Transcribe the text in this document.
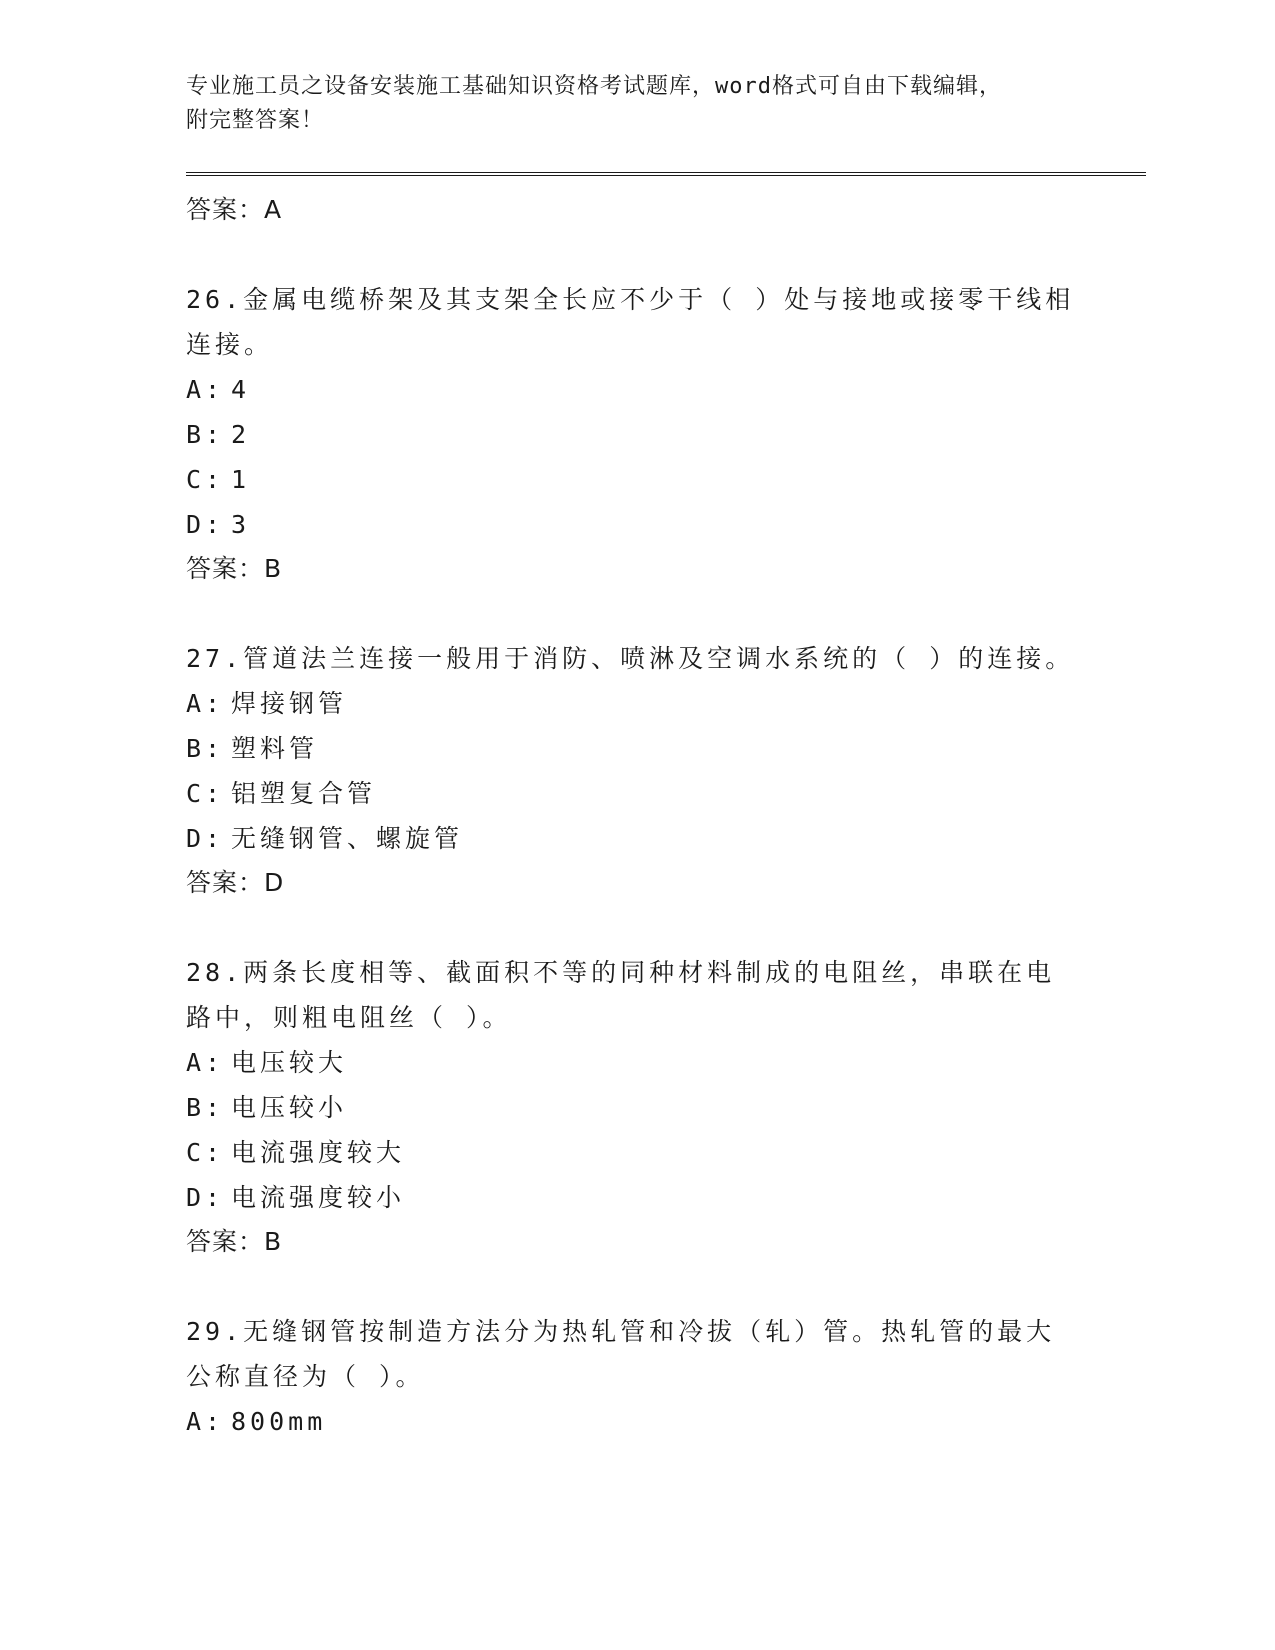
专业施工员之设备安装施工基础知识资格考试题库，word格式可自由下载编辑，
附完整答案！
答案：A
26.金属电缆桥架及其支架全长应不少于（ ）处与接地或接零干线相连接。
A: 4
B: 2
C: 1
D: 3
答案：B
27.管道法兰连接一般用于消防、喷淋及空调水系统的（ ）的连接。
A: 焊接钢管
B: 塑料管
C: 铝塑复合管
D: 无缝钢管、螺旋管
答案：D
28.两条长度相等、截面积不等的同种材料制成的电阻丝，串联在电路中，则粗电阻丝（ ）。
A: 电压较大
B: 电压较小
C: 电流强度较大
D: 电流强度较小
答案：B
29.无缝钢管按制造方法分为热轧管和冷拔（轧）管。热轧管的最大公称直径为（ ）。
A: 800mm
